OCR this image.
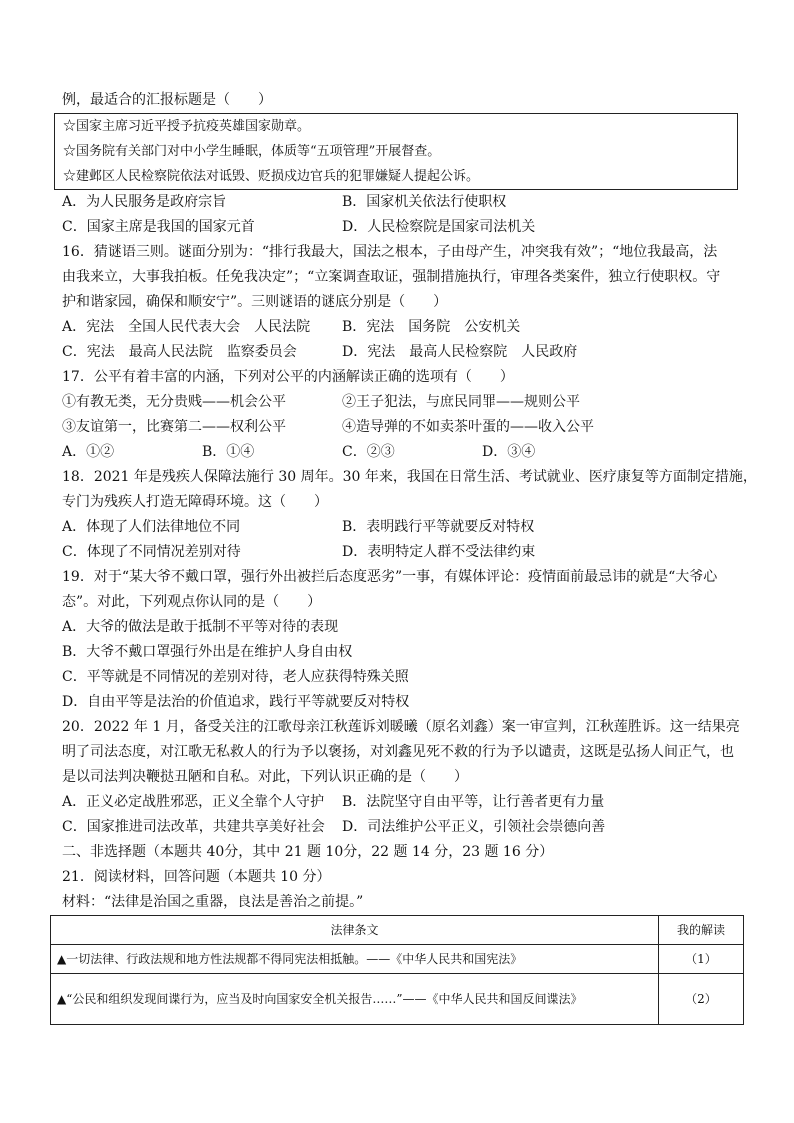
例，最适合的汇报标题是（　　）
☆国家主席习近平授予抗疫英雄国家勋章。
☆国务院有关部门对中小学生睡眠，体质等“五项管理”开展督查。
☆建邺区人民检察院依法对诋毁、贬损戍边官兵的犯罪嫌疑人提起公诉。
A．为人民服务是政府宗旨	B．国家机关依法行使职权
C．国家主席是我国的国家元首	D．人民检察院是国家司法机关
16．猜谜语三则。谜面分别为：“排行我最大，国法之根本，子由母产生，冲突我有效”；“地位我最高，法
由我来立，大事我拍板。任免我决定”；“立案调查取证，强制措施执行，审理各类案件，独立行使职权。守
护和谐家园，确保和顺安宁”。三则谜语的谜底分别是（　　）
A．宪法　全国人民代表大会　人民法院	B．宪法　国务院　公安机关
C．宪法　最高人民法院　监察委员会	D．宪法　最高人民检察院　人民政府
17．公平有着丰富的内涵，下列对公平的内涵解读正确的选项有（　　）
①有教无类，无分贵贱——机会公平	②王子犯法，与庶民同罪——规则公平
③友谊第一，比赛第二——权利公平	④造导弹的不如卖茶叶蛋的——收入公平
A．①②	B．①④	C．②③	D．③④
18．2021 年是残疾人保障法施行 30 周年。30 年来，我国在日常生活、考试就业、医疗康复等方面制定措施，
专门为残疾人打造无障碍环境。这（　　）
A．体现了人们法律地位不同	B．表明践行平等就要反对特权
C．体现了不同情况差别对待	D．表明特定人群不受法律约束
19．对于“某大爷不戴口罩，强行外出被拦后态度恶劣”一事，有媒体评论：疫情面前最忌讳的就是“大爷心
态”。对此，下列观点你认同的是（　　）
A．大爷的做法是敢于抵制不平等对待的表现
B．大爷不戴口罩强行外出是在维护人身自由权
C．平等就是不同情况的差别对待，老人应获得特殊关照
D．自由平等是法治的价值追求，践行平等就要反对特权
20．2022 年 1 月，备受关注的江歌母亲江秋莲诉刘暖曦（原名刘鑫）案一审宣判，江秋莲胜诉。这一结果亮
明了司法态度，对江歌无私救人的行为予以褒扬，对刘鑫见死不救的行为予以谴责，这既是弘扬人间正气，也
是以司法判决鞭挞丑陋和自私。对此，下列认识正确的是（　　）
A．正义必定战胜邪恶，正义全靠个人守护	B．法院坚守自由平等，让行善者更有力量
C．国家推进司法改革，共建共享美好社会	D．司法维护公平正义，引领社会崇德向善
二、非选择题（本题共 40分，其中 21 题 10分，22 题 14 分，23 题 16 分）
21．阅读材料，回答问题（本题共 10 分）
材料：“法律是治国之重器，良法是善治之前提。”
法律条文	我的解读
▲一切法律、行政法规和地方性法规都不得同宪法相抵触。——《中华人民共和国宪法》	（1）
▲“公民和组织发现间谍行为，应当及时向国家安全机关报告……”——《中华人民共和国反间谍法》	（2）
